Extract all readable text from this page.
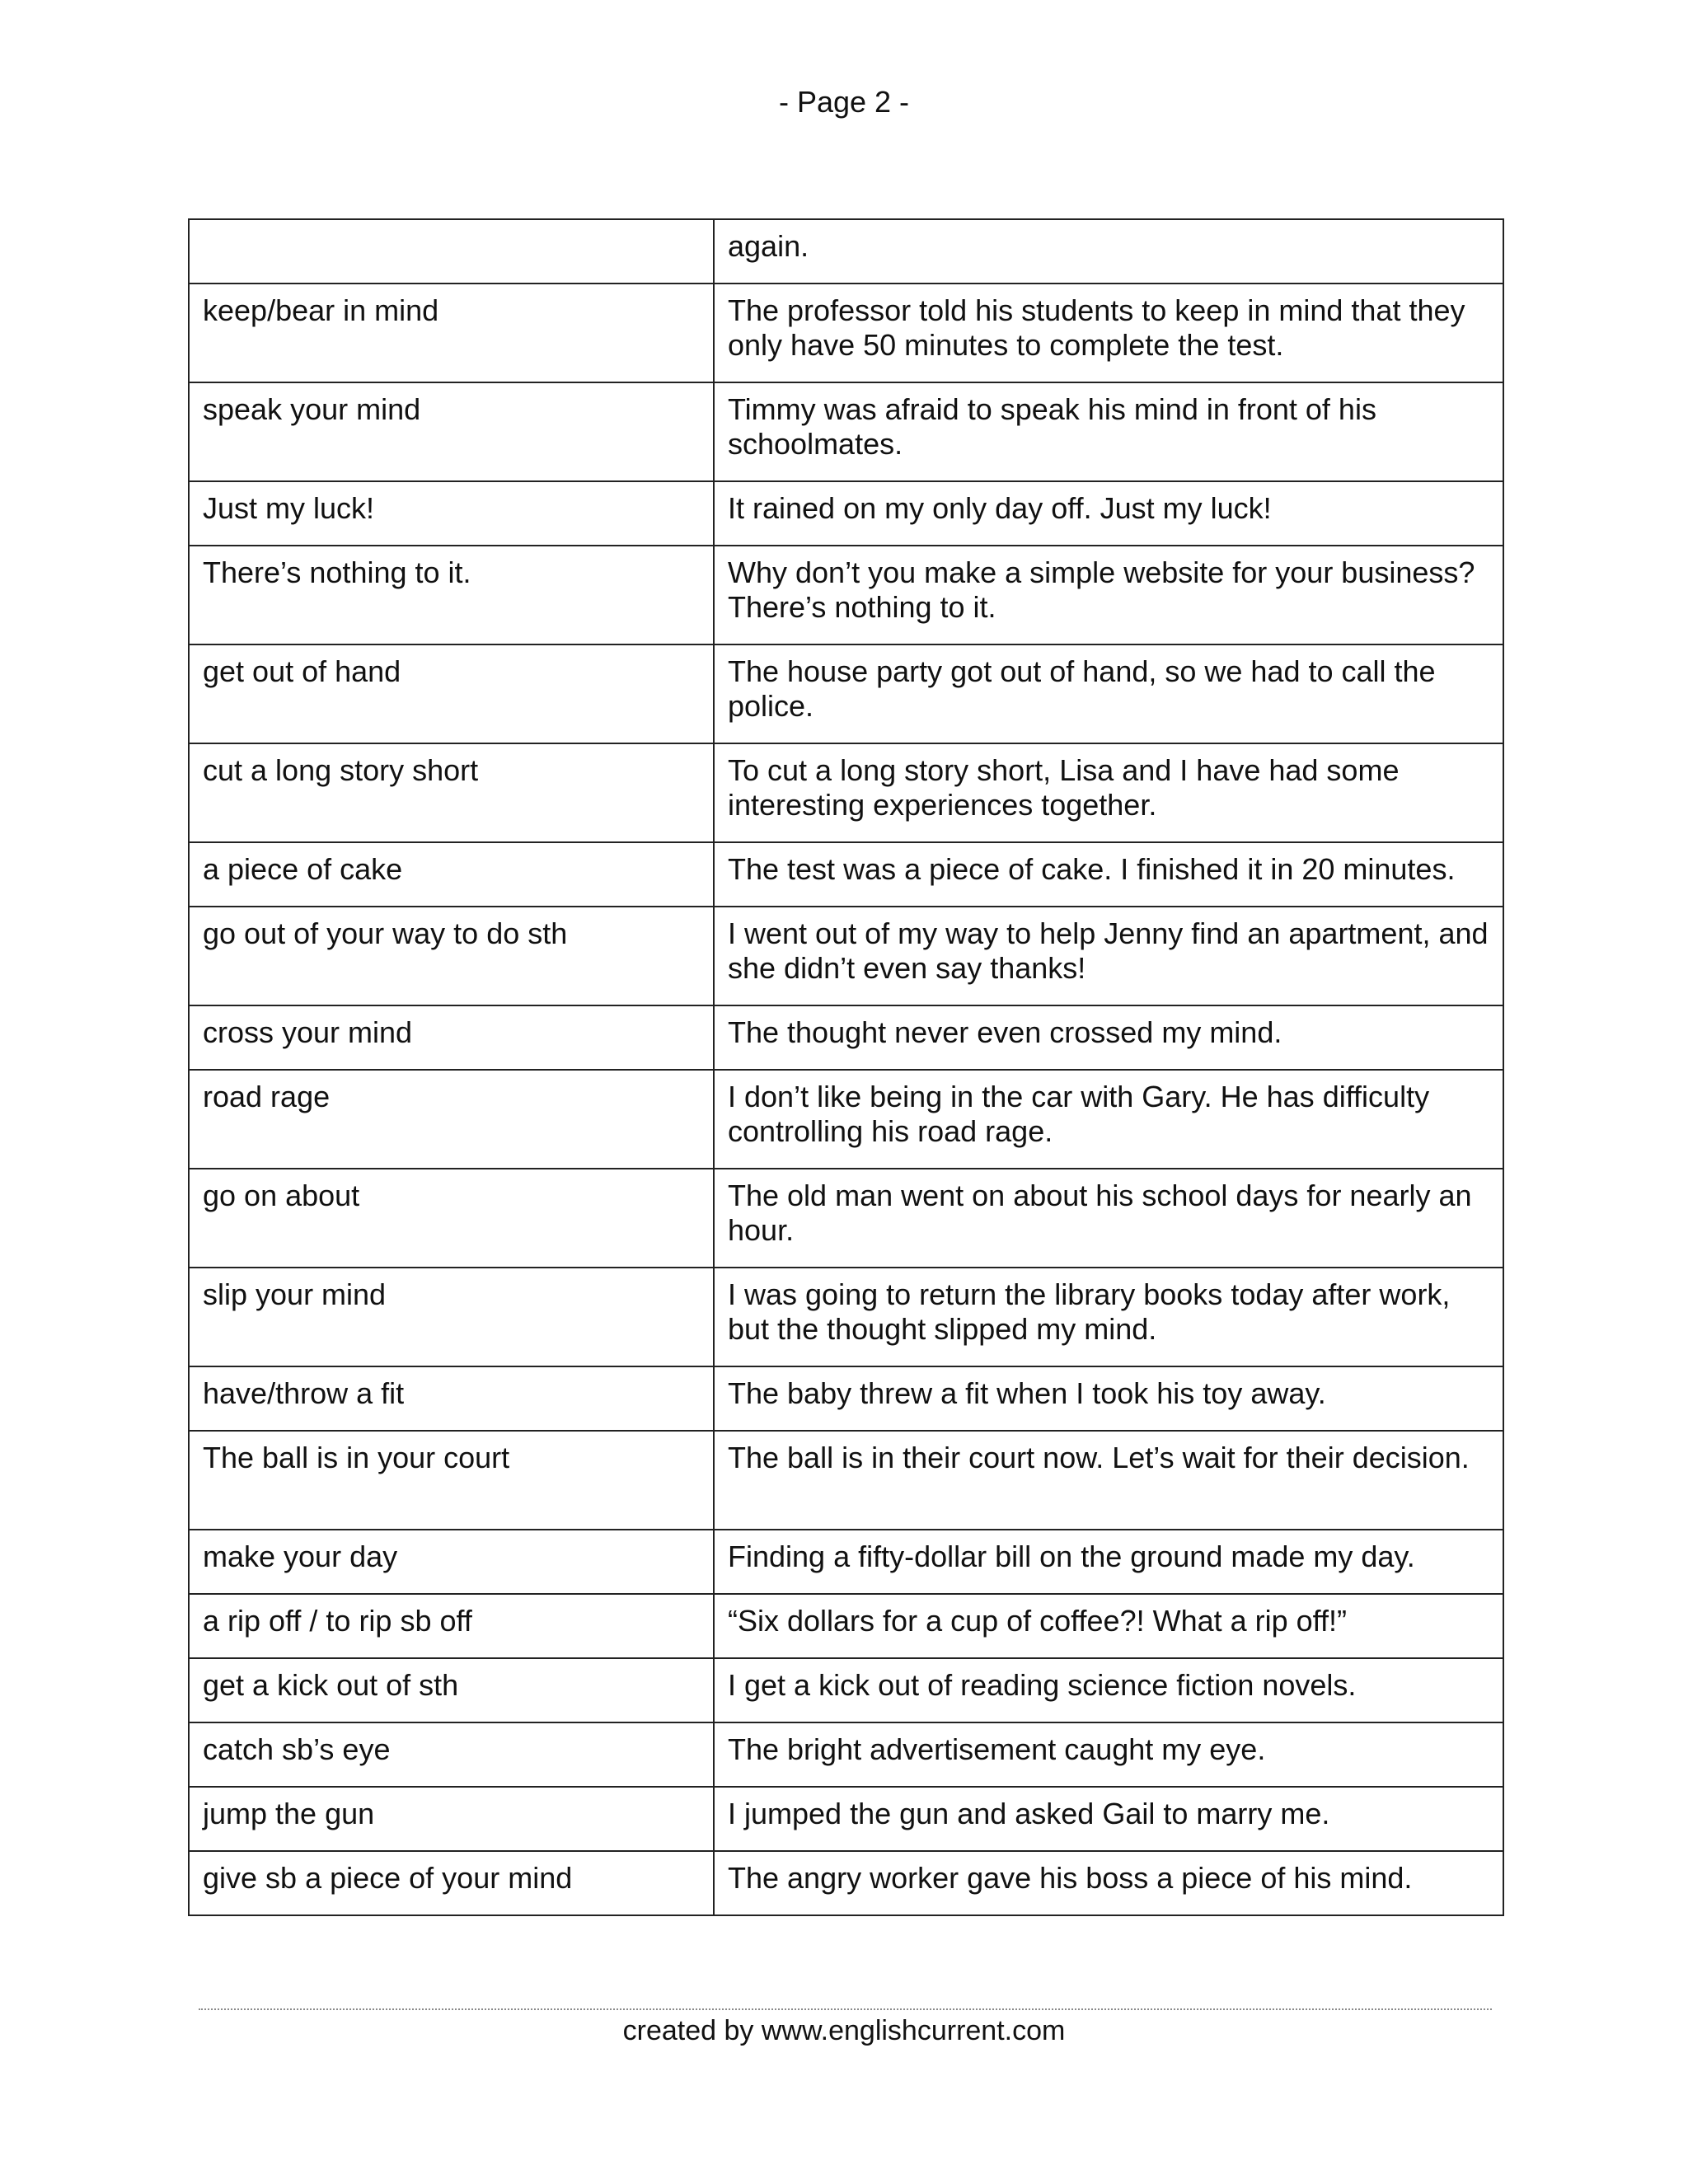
- Page 2 -
	again.
keep/bear in mind	The professor told his students to keep in mind that they only have 50 minutes to complete the test.
speak your mind	Timmy was afraid to speak his mind in front of his schoolmates.
Just my luck!	It rained on my only day off. Just my luck!
There’s nothing to it.	Why don’t you make a simple website for your business? There’s nothing to it.
get out of hand	The house party got out of hand, so we had to call the police.
cut a long story short	To cut a long story short, Lisa and I have had some interesting experiences together.
a piece of cake	The test was a piece of cake. I finished it in 20 minutes.
go out of your way to do sth	I went out of my way to help Jenny find an apartment, and she didn’t even say thanks!
cross your mind	The thought never even crossed my mind.
road rage	I don’t like being in the car with Gary. He has difficulty controlling his road rage.
go on about	The old man went on about his school days for nearly an hour.
slip your mind	I was going to return the library books today after work, but the thought slipped my mind.
have/throw a fit	The baby threw a fit when I took his toy away.
The ball is in your court	The ball is in their court now. Let’s wait for their decision.
make your day	Finding a fifty-dollar bill on the ground made my day.
a rip off / to rip sb off	“Six dollars for a cup of coffee?! What a rip off!”
get a kick out of sth	I get a kick out of reading science fiction novels.
catch sb’s eye	The bright advertisement caught my eye.
jump the gun	I jumped the gun and asked Gail to marry me.
give sb a piece of your mind	The angry worker gave his boss a piece of his mind.
created by www.englishcurrent.com
